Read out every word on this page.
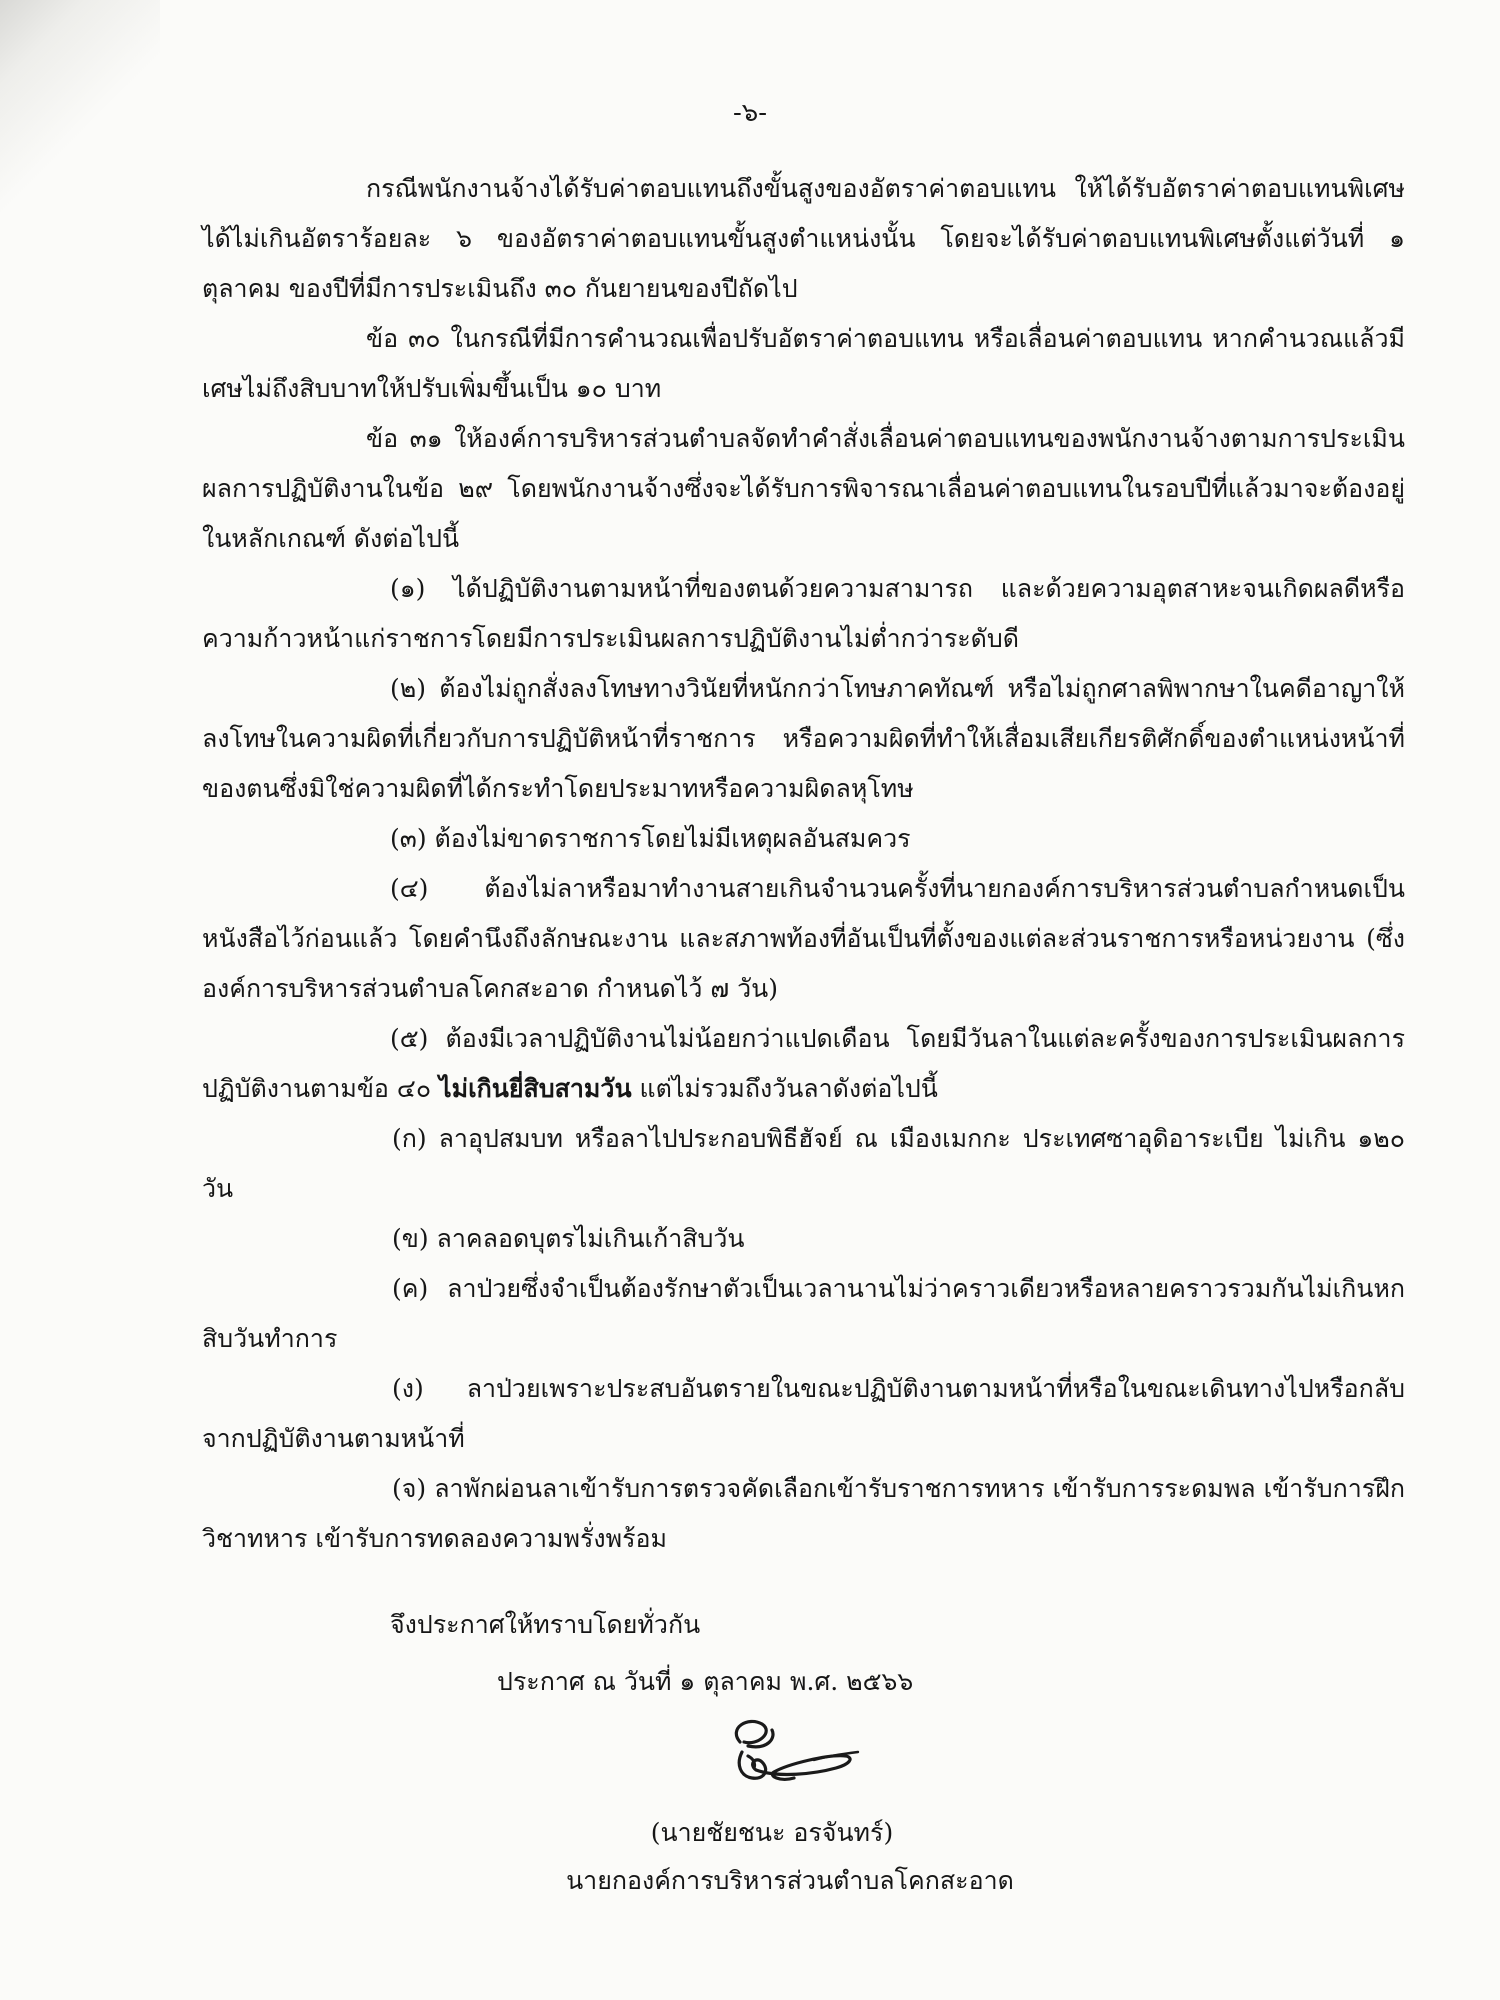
-๖-

กรณีพนักงานจ้างได้รับค่าตอบแทนถึงขั้นสูงของอัตราค่าตอบแทน ให้ได้รับอัตราค่าตอบแทนพิเศษได้ไม่เกินอัตราร้อยละ ๖ ของอัตราค่าตอบแทนขั้นสูงตำแหน่งนั้น โดยจะได้รับค่าตอบแทนพิเศษตั้งแต่วันที่ ๑ ตุลาคม ของปีที่มีการประเมินถึง ๓๐ กันยายนของปีถัดไป

ข้อ ๓๐ ในกรณีที่มีการคำนวณเพื่อปรับอัตราค่าตอบแทน หรือเลื่อนค่าตอบแทน หากคำนวณแล้วมีเศษไม่ถึงสิบบาทให้ปรับเพิ่มขึ้นเป็น ๑๐ บาท

ข้อ ๓๑ ให้องค์การบริหารส่วนตำบลจัดทำคำสั่งเลื่อนค่าตอบแทนของพนักงานจ้างตามการประเมินผลการปฏิบัติงานในข้อ ๒๙ โดยพนักงานจ้างซึ่งจะได้รับการพิจารณาเลื่อนค่าตอบแทนในรอบปีที่แล้วมาจะต้องอยู่ในหลักเกณฑ์ ดังต่อไปนี้

(๑) ได้ปฏิบัติงานตามหน้าที่ของตนด้วยความสามารถ และด้วยความอุตสาหะจนเกิดผลดีหรือความก้าวหน้าแก่ราชการโดยมีการประเมินผลการปฏิบัติงานไม่ต่ำกว่าระดับดี

(๒) ต้องไม่ถูกสั่งลงโทษทางวินัยที่หนักกว่าโทษภาคทัณฑ์ หรือไม่ถูกศาลพิพากษาในคดีอาญาให้ลงโทษในความผิดที่เกี่ยวกับการปฏิบัติหน้าที่ราชการ หรือความผิดที่ทำให้เสื่อมเสียเกียรติศักดิ์ของตำแหน่งหน้าที่ของตนซึ่งมิใช่ความผิดที่ได้กระทำโดยประมาทหรือความผิดลหุโทษ

(๓) ต้องไม่ขาดราชการโดยไม่มีเหตุผลอันสมควร

(๔) ต้องไม่ลาหรือมาทำงานสายเกินจำนวนครั้งที่นายกองค์การบริหารส่วนตำบลกำหนดเป็นหนังสือไว้ก่อนแล้ว โดยคำนึงถึงลักษณะงาน และสภาพท้องที่อันเป็นที่ตั้งของแต่ละส่วนราชการหรือหน่วยงาน (ซึ่งองค์การบริหารส่วนตำบลโคกสะอาด กำหนดไว้ ๗ วัน)

(๕) ต้องมีเวลาปฏิบัติงานไม่น้อยกว่าแปดเดือน โดยมีวันลาในแต่ละครั้งของการประเมินผลการปฏิบัติงานตามข้อ ๔๐ ไม่เกินยี่สิบสามวัน แต่ไม่รวมถึงวันลาดังต่อไปนี้

(ก) ลาอุปสมบท หรือลาไปประกอบพิธีฮัจย์ ณ เมืองเมกกะ ประเทศซาอุดิอาระเบีย ไม่เกิน ๑๒๐ วัน

(ข) ลาคลอดบุตรไม่เกินเก้าสิบวัน

(ค) ลาป่วยซึ่งจำเป็นต้องรักษาตัวเป็นเวลานานไม่ว่าคราวเดียวหรือหลายคราวรวมกันไม่เกินหกสิบวันทำการ

(ง) ลาป่วยเพราะประสบอันตรายในขณะปฏิบัติงานตามหน้าที่หรือในขณะเดินทางไปหรือกลับจากปฏิบัติงานตามหน้าที่

(จ) ลาพักผ่อนลาเข้ารับการตรวจคัดเลือกเข้ารับราชการทหาร เข้ารับการระดมพล เข้ารับการฝึกวิชาทหาร เข้ารับการทดลองความพรั่งพร้อม

จึงประกาศให้ทราบโดยทั่วกัน
ประกาศ ณ วันที่ ๑ ตุลาคม พ.ศ. ๒๕๖๖
(นายชัยชนะ อรจันทร์)
นายกองค์การบริหารส่วนตำบลโคกสะอาด
